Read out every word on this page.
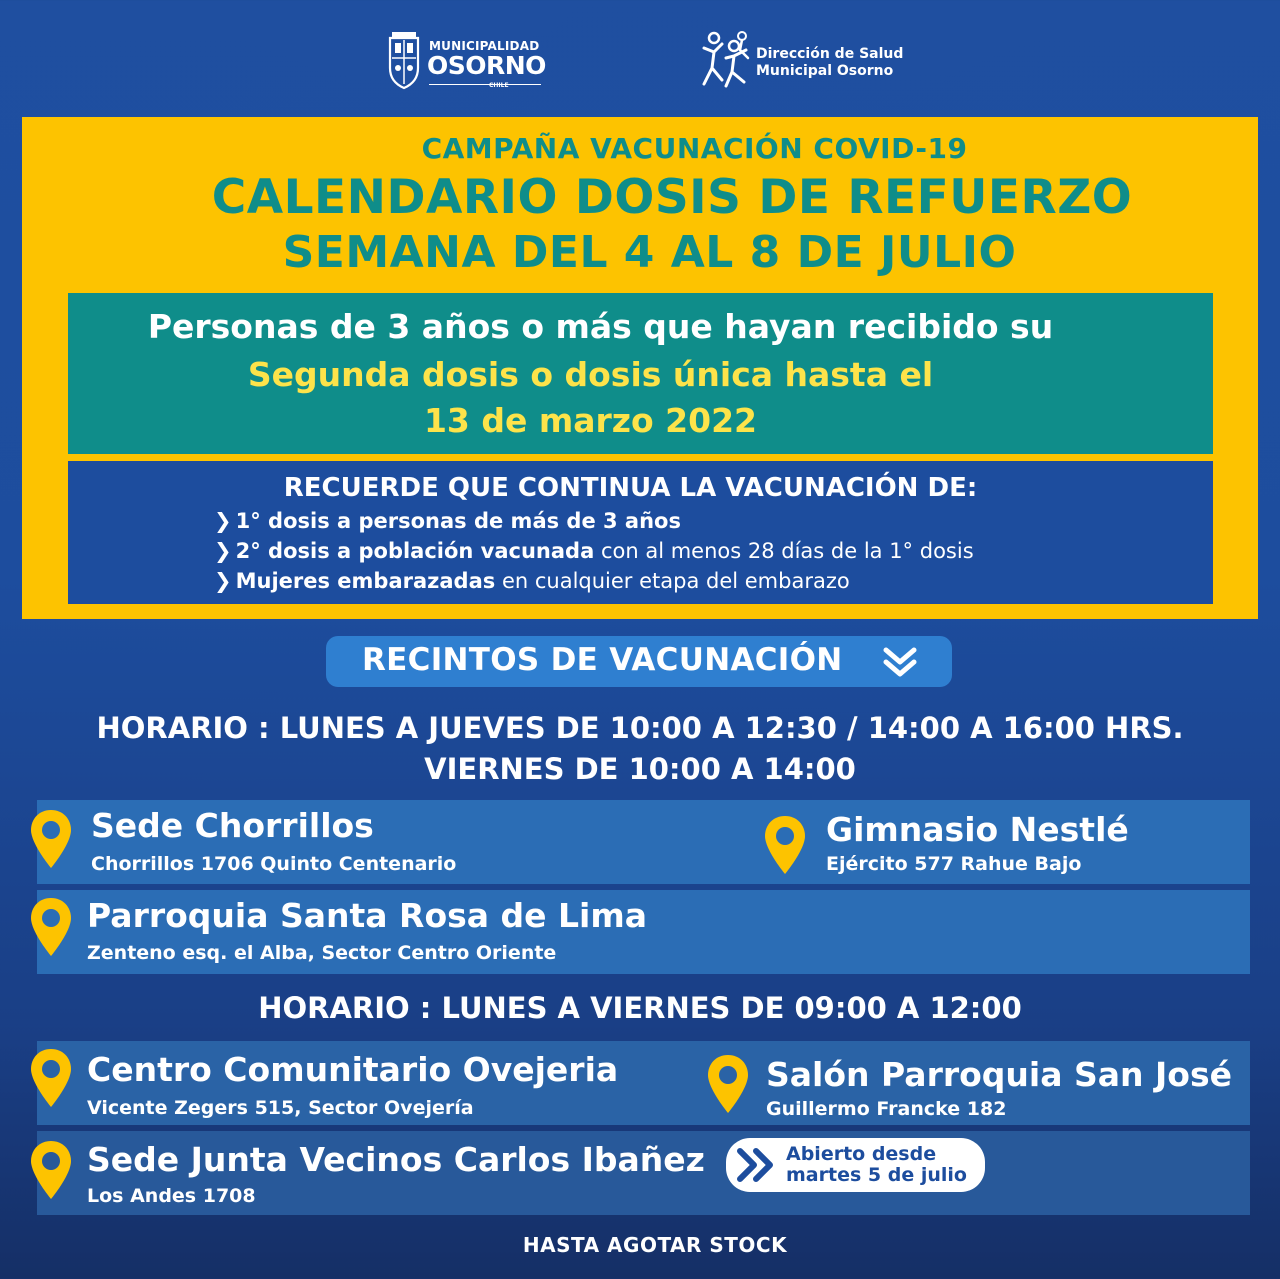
MUNICIPALIDAD
OSORNO
CHILE
Dirección de Salud
Municipal Osorno
CAMPAÑA VACUNACIÓN COVID-19
CALENDARIO DOSIS DE REFUERZO
SEMANA DEL 4 AL 8 DE JULIO
Personas de 3 años o más que hayan recibido su
Segunda dosis o dosis única hasta el
13 de marzo 2022
RECUERDE QUE CONTINUA LA VACUNACIÓN DE:
❯ 1° dosis a personas de más de 3 años
❯ 2° dosis a población vacunada con al menos 28 días de la 1° dosis
❯ Mujeres embarazadas en cualquier etapa del embarazo
RECINTOS DE VACUNACIÓN
HORARIO : LUNES A JUEVES DE 10:00 A 12:30 / 14:00 A 16:00 HRS.
VIERNES DE 10:00 A 14:00
Sede Chorrillos
Chorrillos 1706 Quinto Centenario
Gimnasio Nestlé
Ejército 577 Rahue Bajo
Parroquia Santa Rosa de Lima
Zenteno esq. el Alba, Sector Centro Oriente
HORARIO : LUNES A VIERNES DE 09:00 A 12:00
Centro Comunitario Ovejeria
Vicente Zegers 515, Sector Ovejería
Salón Parroquia San José
Guillermo Francke 182
Sede Junta Vecinos Carlos Ibañez
Los Andes 1708
Abierto desde
martes 5 de julio
HASTA AGOTAR STOCK
